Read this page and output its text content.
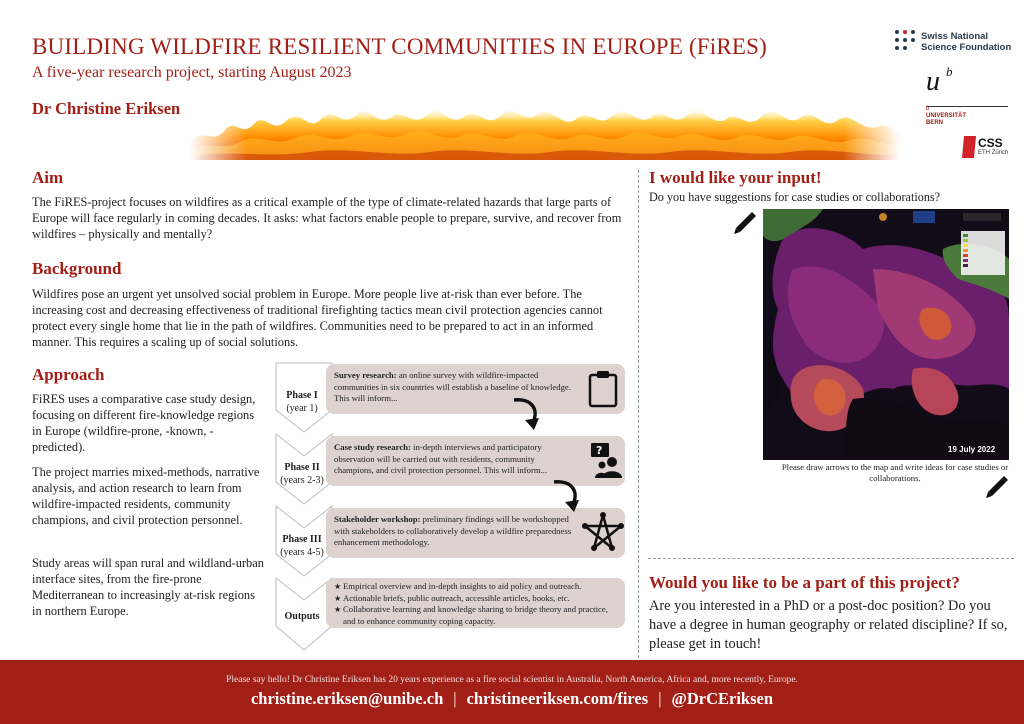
BUILDING WILDFIRE RESILIENT COMMUNITIES IN EUROPE (FiRES)
A five-year research project, starting August 2023
Dr Christine Eriksen
Swiss National
Science Foundation
u b
b
UNIVERSITÄT
BERN
CSS
ETH Zürich
Aim

The FiRES-project focuses on wildfires as a critical example of the type of climate-related hazards that large parts of Europe will face regularly in coming decades. It asks: what factors enable people to prepare, survive, and recover from wildfires – physically and mentally?

Background

Wildfires pose an urgent yet unsolved social problem in Europe. More people live at-risk than ever before. The increasing cost and decreasing effectiveness of traditional firefighting tactics mean civil protection agencies cannot protect every single home that lie in the path of wildfires. Communities need to be prepared to act in an informed manner. This requires a scaling up of social solutions.

Approach

FiRES uses a comparative case study design, focusing on different fire-knowledge regions in Europe (wildfire-prone, -known, -predicted).

The project marries mixed-methods, narrative analysis, and action research to learn from wildfire-impacted residents, community champions, and civil protection personnel.

Study areas will span rural and wildland-urban interface sites, from the fire-prone Mediterranean to increasingly at-risk regions in northern Europe.

Phase I
(year 1)
Phase II
(years 2-3)
Phase III
(years 4-5)
Outputs
Survey research: an online survey with wildfire-impacted communities in six countries will establish a baseline of knowledge. This will inform...
Case study research: in-depth interviews and participatory observation will be carried out with residents, community champions, and civil protection personnel. This will inform...
Stakeholder workshop: preliminary findings will be workshopped with stakeholders to collaboratively develop a wildfire preparedness enhancement methodology.
★ Empirical overview and in-depth insights to aid policy and outreach.
★ Actionable briefs, public outreach, accessible articles, books, etc.
★ Collaborative learning and knowledge sharing to bridge theory and practice, and to enhance community coping capacity.
?
I would like your input!

Do you have suggestions for case studies or collaborations?

19 July 2022
Please draw arrows to the map and write ideas for case studies or collaborations.
Would you like to be a part of this project?

Are you interested in a PhD or a post-doc position? Do you have a degree in human geography or related discipline? If so, please get in touch!

Please say hello! Dr Christine Eriksen has 20 years experience as a fire social scientist in Australia, North America, Africa and, more recently, Europe.
christine.eriksen@unibe.ch | christineeriksen.com/fires | @DrCEriksen
